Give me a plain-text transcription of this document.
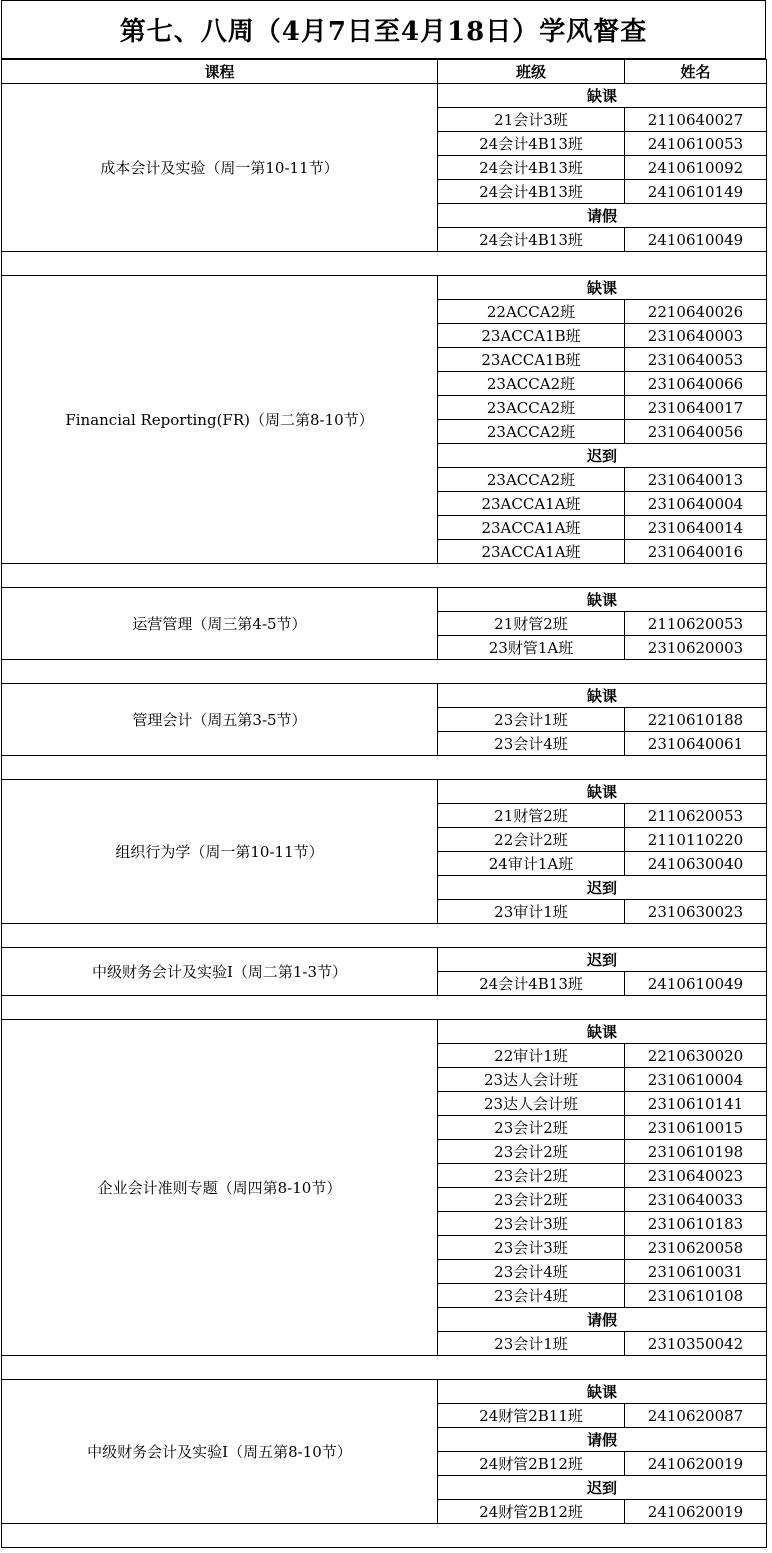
第七、八周（4月7日至4月18日）学风督查
课程	班级	姓名
成本会计及实验（周一第10-11节）	缺课	
	21会计3班	2110640027
	24会计4B13班	2410610053
	24会计4B13班	2410610092
	24会计4B13班	2410610149
	请假	
	24会计4B13班	2410610049

Financial Reporting(FR)（周二第8-10节）	缺课	
	22ACCA2班	2210640026
	23ACCA1B班	2310640003
	23ACCA1B班	2310640053
	23ACCA2班	2310640066
	23ACCA2班	2310640017
	23ACCA2班	2310640056
	迟到	
	23ACCA2班	2310640013
	23ACCA1A班	2310640004
	23ACCA1A班	2310640014
	23ACCA1A班	2310640016

运营管理（周三第4-5节）	缺课	
	21财管2班	2110620053
	23财管1A班	2310620003

管理会计（周五第3-5节）	缺课	
	23会计1班	2210610188
	23会计4班	2310640061

组织行为学（周一第10-11节）	缺课	
	21财管2班	2110620053
	22会计2班	2110110220
	24审计1A班	2410630040
	迟到	
	23审计1班	2310630023

中级财务会计及实验I（周二第1-3节）	迟到	
	24会计4B13班	2410610049

企业会计准则专题（周四第8-10节）	缺课	
	22审计1班	2210630020
	23达人会计班	2310610004
	23达人会计班	2310610141
	23会计2班	2310610015
	23会计2班	2310610198
	23会计2班	2310640023
	23会计2班	2310640033
	23会计3班	2310610183
	23会计3班	2310620058
	23会计4班	2310610031
	23会计4班	2310610108
	请假	
	23会计1班	2310350042

中级财务会计及实验I（周五第8-10节）	缺课	
	24财管2B11班	2410620087
	请假	
	24财管2B12班	2410620019
	迟到	
	24财管2B12班	2410620019
